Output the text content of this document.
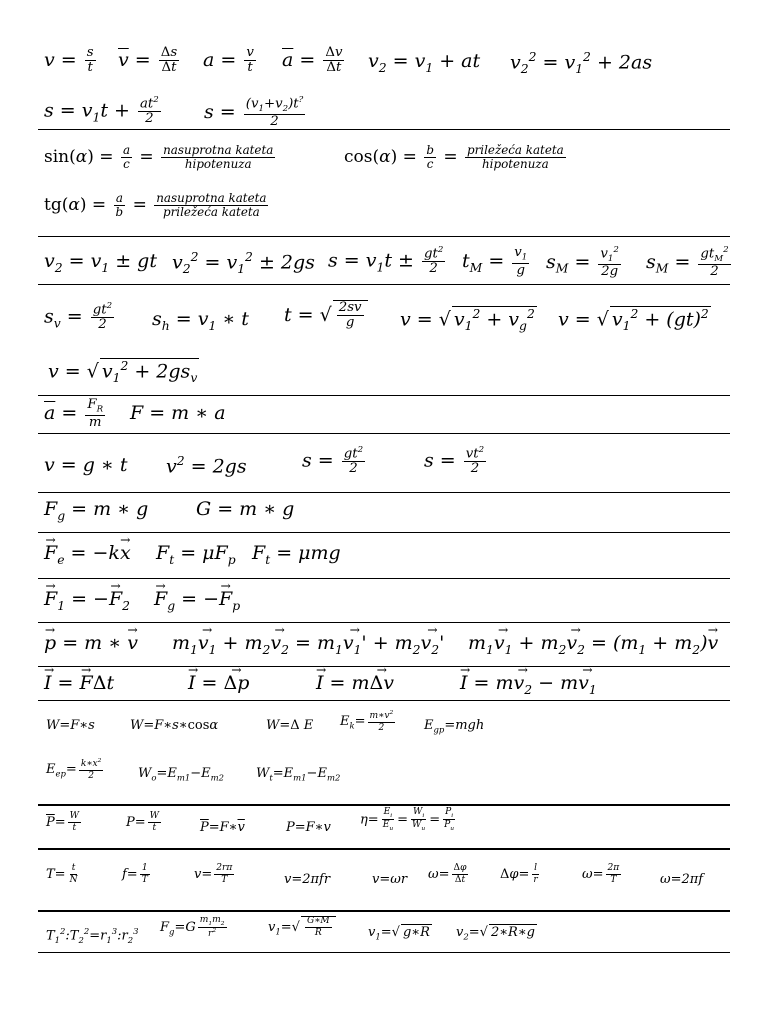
$v = \frac{s}{t} \overline{v} = \frac{\Delta s}{\Delta t}$ $a = \frac{v}{t} \overline{a} = \frac{\Delta v}{\Delta t} v_2 = v_1$ + at $v_2^2 = v_1^2 + 2as$
$s = v_1t + \frac{at^2}{2}$ $s = \frac{(v_1+v_2)t^?}{2}$
$\sin(\alpha) = \frac{a}{c} = \frac{\text{nasuprotna kateta}}{\text{hipotenuza}}$	$\cos(\alpha) = \frac{b}{c} = \frac{\text{priležeća kateta}}{\text{hipotenuza}}$
$tg(\alpha) = \frac{a}{b} = \frac{\text{nasuprotna kateta}}{\text{priležeća kateta}}$
$v_2 = v_1$ ± gt $v_2^2 = v_1^2 \pm 2gs$ $s = v_1t \pm \frac{gt^2}{2} t_M = \frac{v_1}{g} s_M = \frac{v_1^2}{2g} s_M = \frac{gt_M^2}{2}$
$s_v = \frac{gt^2}{2} s_h = v_1$ ∗ t t = √ $\frac{2sv}{g}$ v = √ $v_1^2 + v_g^2$ v = √ $v_1^2 + (gt)^2$
v = √ $v_1^2 + 2gs_v$
$\overline{a} = \frac{F_R}{m}$ F = m ∗ a
v = g ∗ t $v^2 = 2gs$	$s = \frac{gt^2}{2}$	$s = \frac{vt^2}{2}$
$F_g = m$ ∗ g	G = m ∗ g
$F \to_e = -kx \to F_t = \mu F_p$ $F_t = \mu mg$
$F \to_1 = -F \to_2$ $F \to_g = -F \to_p$
p → = m ∗ $v \to m_1v_1$ → + $m_2v_2$ → = $m_1v_1'$ → + $m_2v_2' \to m_1v_1$ → + $m_2v_2$ → = $(m_1 + m_2)v$ →
I → = F →Δt	I → = Δp →	I → = mΔv →	I → = $mv_2$ → − $mv_1$ →
W=F∗s	W=F∗s∗cosα	W=Δ E $E_k= \frac{m∗v^2}{2} E_{gp}=mgh$
$E_{ep}= \frac{k∗x^2}{2}$	$W_o=E_{m1}-E_{m2}$ $W_t=E_{m1}-E_{m2}$
$\overline{P}= \frac{W}{t}$	$P= \frac{W}{t}$	$\overline{P}=F∗\overline{v}$	P=F∗v $\eta= \frac{E_i}{E_u} = \frac{W_i}{W_u} = \frac{P_i}{P_u}$
$T= \frac{t}{N}$	$f= \frac{1}{T}$	$v= \frac{2r\pi}{T}$	v=2πfr	v=ωr $\omega= \frac{\Delta\varphi}{\Delta t} \Delta\varphi= \frac{l}{r}$	$\omega= \frac{2\pi}{T}$	ω=2πf
$T_1^2:T_2^2=r_1^3:r_2^3$ $F_g=G \frac{m_1m_2}{r^2}$	$v_1=√ \frac{G∗M}{R}$	$v_1=√$ g∗R $v_2=√$ 2∗R∗g
